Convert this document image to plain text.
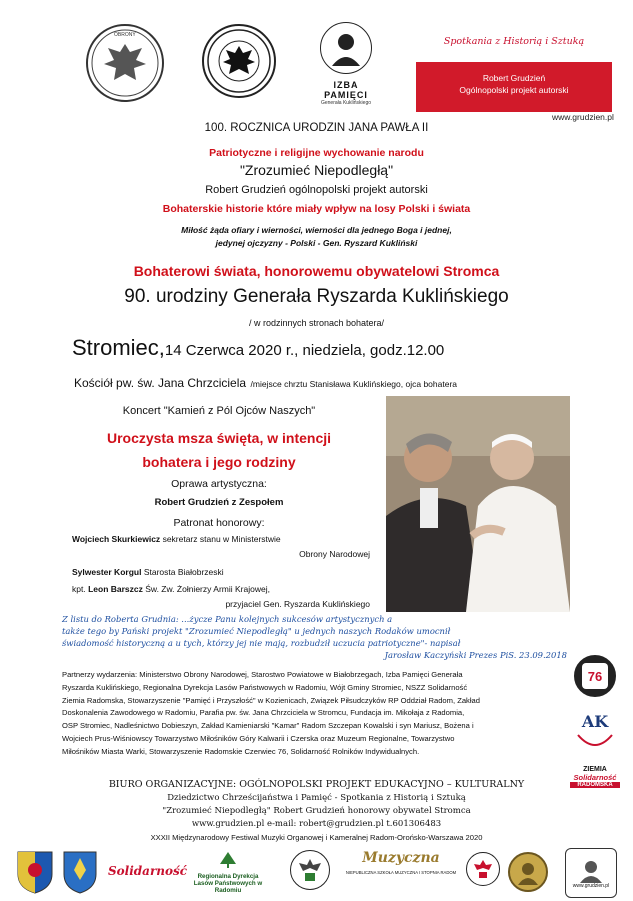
OBRONY
IZBA PAMIĘCI
Generała Kuklińskiego
Spotkania z Historią i Sztuką
Robert Grudzień
Ogólnopolski projekt autorski
www.grudzien.pl
100. ROCZNICA URODZIN JANA PAWŁA II
Patriotyczne i religijne wychowanie narodu
"Zrozumieć Niepodległą"
Robert Grudzień ogólnopolski projekt autorski
Bohaterskie historie które miały wpływ na losy Polski i świata
Miłość żąda ofiary i wierności, wierności dla jednego Boga i jednej,
jedynej ojczyzny - Polski - Gen. Ryszard Kukliński
Bohaterowi świata, honorowemu obywatelowi Stromca
90. urodziny Generała Ryszarda Kuklińskiego
/ w rodzinnych stronach bohatera/
Stromiec,14 Czerwca 2020 r., niedziela, godz.12.00
Kościół pw. św. Jana Chrzciciela /miejsce chrztu Stanisława Kuklińskiego, ojca bohatera
Koncert "Kamień z Pól Ojców Naszych"
Uroczysta msza święta, w intencji
bohatera i jego rodziny
Oprawa artystyczna:
Robert Grudzień z Zespołem
Patronat honorowy:
Wojciech Skurkiewicz sekretarz stanu w Ministerstwie
Obrony Narodowej
Sylwester Korgul Starosta Białobrzeski
kpt. Leon Barszcz Św. Zw. Żołnierzy Armii Krajowej,
przyjaciel Gen. Ryszarda Kuklińskiego
Z listu do Roberta Grudnia: ...życze Panu kolejnych sukcesów artystycznych a
także tego by Pański projekt "Zrozumieć Niepodległą" u jednych naszych Rodaków umocnił
świadomość historyczną a u tych, którzy jej nie mają, rozbudził uczucia patriotyczne"- napisał
Jarosław Kaczyński Prezes PiS. 23.09.2018
Partnerzy wydarzenia: Ministerstwo Obrony Narodowej, Starostwo Powiatowe w Białobrzegach, Izba Pamięci Generała
Ryszarda Kuklińskiego, Regionalna Dyrekcja Lasów Państwowych w Radomiu, Wójt Gminy Stromiec, NSZZ Solidarność
Ziemia Radomska, Stowarzyszenie "Pamięć i Przyszłość" w Kozienicach, Związek Piłsudczyków RP Oddział Radom, Zakład
Doskonalenia Zawodowego w Radomiu, Parafia pw. św. Jana Chrzciciela w Stromcu, Fundacja im. Mikołaja z Radomia,
OSP Stromiec, Nadleśnictwo Dobieszyn, Zakład Kamieniarski "Kamar" Radom Szczepan Kowalski i syn Mariusz, Bożena i
Wojciech Prus-Wiśniowscy Towarzystwo Miłośników Góry Kalwarii i Czerska oraz Muzeum Regionalne, Towarzystwo
Miłośników Miasta Warki, Stowarzyszenie Radomskie Czerwiec 76, Solidarność Rolników Indywidualnych.
76
AK
ZIEMIA
Solidarność
RADOMSKA
BIURO ORGANIZACYJNE: OGÓLNOPOLSKI PROJEKT EDUKACYJNO – KULTURALNY
Dziedzictwo Chrześcijaństwa i Pamięć - Spotkania z Historią i Sztuką
"Zrozumieć Niepodległą" Robert Grudzień honorowy obywatel Stromca
www.grudzien.pl e-mail: robert@grudzien.pl t.601306483
XXXII Międzynarodowy Festiwal Muzyki Organowej i Kameralnej Radom-Orońsko-Warszawa 2020
Solidarność	Regionalna Dyrekcja
Lasów Państwowych w Radomiu
Muzyczna
NIEPUBLICZNA SZKOŁA MUZYCZNA I STOPNIA RADOM
www.grudzien.pl
